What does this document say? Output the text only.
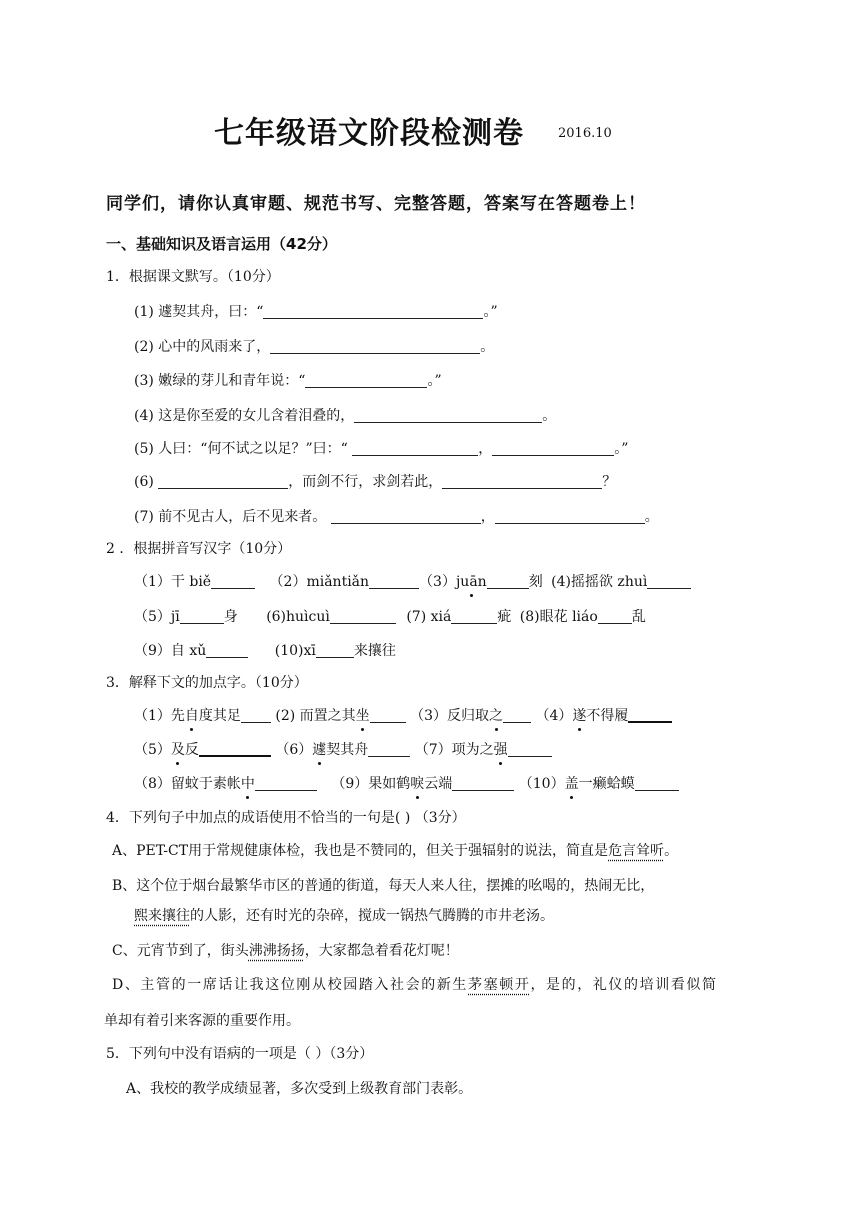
七年级语文阶段检测卷	$^{2016.10}$
同学们，请你认真审题、规范书写、完整答题，答案写在答题卷上！
一、基础知识及语言运用（42分）
1．根据课文默写。（10分）
(1) 遽契其舟，曰：“	。”
(2) 心中的风雨来了，	。
(3) 嫩绿的芽儿和青年说：“	。”
(4) 这是你至爱的女儿含着泪叠的，	。
(5) 人曰：“何不试之以足？”曰：“	，	。”
(6)	，而剑不行，求剑若此，	？
(7) 前不见古人，后不见来者。	，	。
2 ．根据拼音写汉字（10分）
（1）干 biě	（2）miǎntiǎn	（3）juān	刻 (4)摇摇欲 zhuì
（5）jī	身 (6)huìcuì	(7) xiá	疵 (8)眼花 liáo 乱
（9）自 xǔ	(10)xī	来攘往
3．解释下文的加点字。（10分）
（1）先自度其足 (2) 而置之其坐	（3）反归取之 （4）遂不得履
（5）及反	（6）遽契其舟	（7）项为之强
（8）留蚊于素帐中	（9）果如鹤唳云端	（10）盖一癞蛤蟆
4．下列句子中加点的成语使用不恰当的一句是( ) （3分）
A、PET-CT用于常规健康体检，我也是不赞同的，但关于强辐射的说法，简直是危言耸听。
B、这个位于烟台最繁华市区的普通的街道，每天人来人往，摆摊的吆喝的，热闹无比，
熙来攘往的人影，还有时光的杂碎，搅成一锅热气腾腾的市井老汤。
C、元宵节到了，街头沸沸扬扬，大家都急着看花灯呢！
D、主管的一席话让我这位刚从校园踏入社会的新生茅塞顿开，是的，礼仪的培训看似简
单却有着引来客源的重要作用。
5．下列句中没有语病的一项是（ ）（3分）
A、我校的教学成绩显著，多次受到上级教育部门表彰。
